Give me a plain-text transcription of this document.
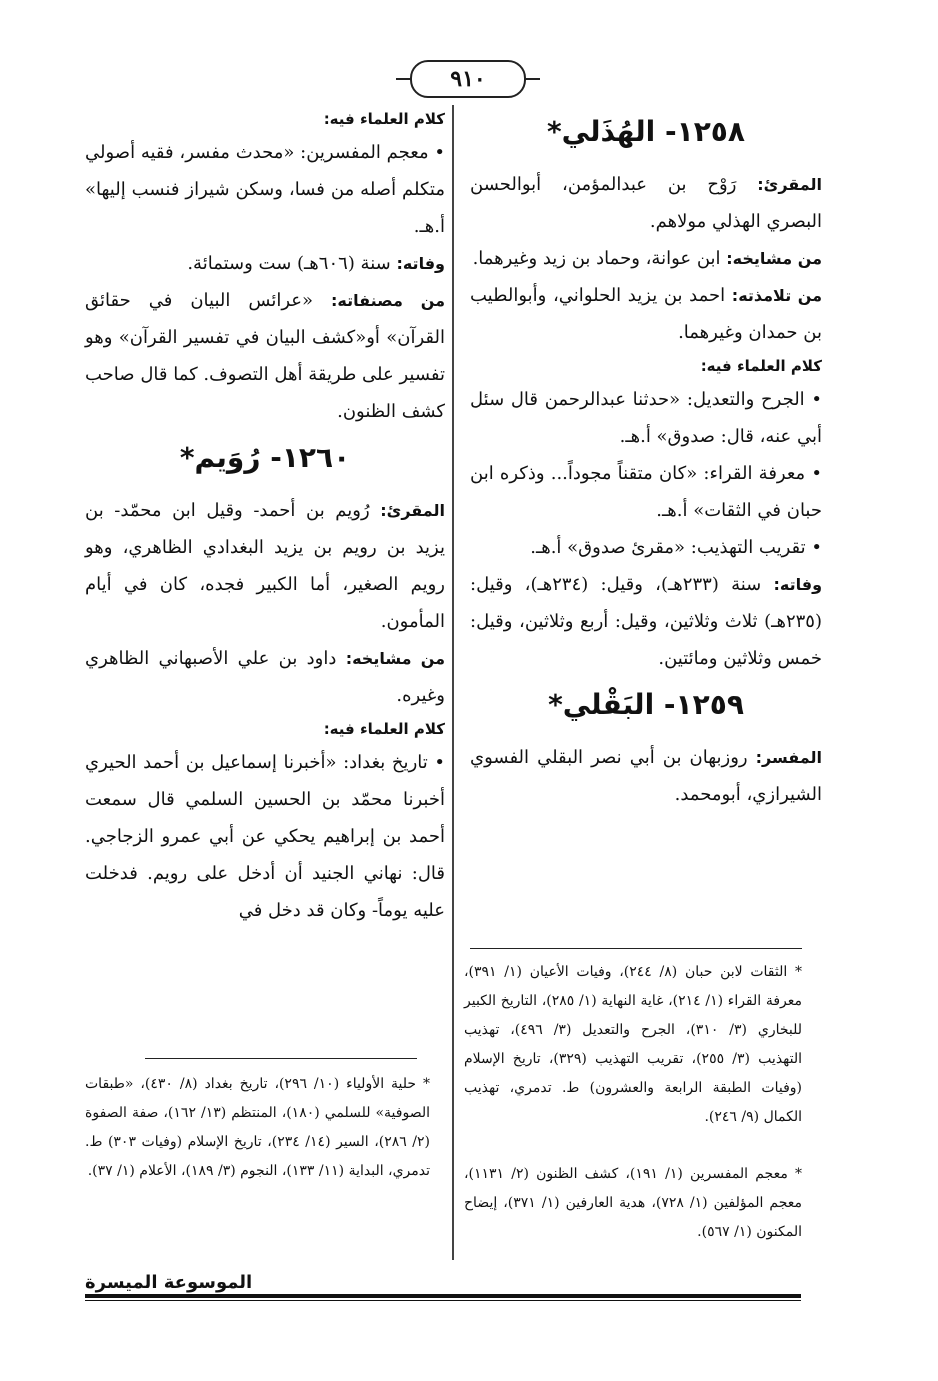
٩١٠
١٢٥٨- الهُذَلي*

المقرئ: رَوْح بن عبدالمؤمن، أبوالحسن البصري الهذلي مولاهم.

من مشايخه: ابن عوانة، وحماد بن زيد وغيرهما.

من تلامذته: احمد بن يزيد الحلواني، وأبوالطيب بن حمدان وغيرهما.

كلام العلماء فيه:

• الجرح والتعديل: «حدثنا عبدالرحمن قال سئل أبي عنه، قال: صدوق» أ.هـ.

• معرفة القراء: «كان متقناً مجوداً... وذكره ابن حبان في الثقات» أ.هـ.

• تقريب التهذيب: «مقرئ صدوق» أ.هـ.

وفاته: سنة (٢٣٣هـ)، وقيل: (٢٣٤هـ)، وقيل: (٢٣٥هـ) ثلاث وثلاثين، وقيل: أربع وثلاثين، وقيل: خمس وثلاثين ومائتين.

١٢٥٩- البَقْلي*

المفسر: روزبهان بن أبي نصر البقلي الفسوي الشيرازي، أبومحمد.

* الثقات لابن حبان (٨/ ٢٤٤)، وفيات الأعيان (١/ ٣٩١)، معرفة القراء (١/ ٢١٤)، غاية النهاية (١/ ٢٨٥)، التاريخ الكبير للبخاري (٣/ ٣١٠)، الجرح والتعديل (٣/ ٤٩٦)، تهذيب التهذيب (٣/ ٢٥٥)، تقريب التهذيب (٣٢٩)، تاريخ الإسلام (وفيات الطبقة الرابعة والعشرون) ط. تدمري، تهذيب الكمال (٩/ ٢٤٦).
* معجم المفسرين (١/ ١٩١)، كشف الظنون (٢/ ١١٣١)، معجم المؤلفين (١/ ٧٢٨)، هدية العارفين (١/ ٣٧١)، إيضاح المكنون (١/ ٥٦٧).
كلام العلماء فيه:

• معجم المفسرين: «محدث مفسر، فقيه أصولي متكلم أصله من فسا، وسكن شيراز فنسب إليها» أ.هـ.

وفاته: سنة (٦٠٦هـ) ست وستمائة.

من مصنفاته: «عرائس البيان في حقائق القرآن» أو«كشف البيان في تفسير القرآن» وهو تفسير على طريقة أهل التصوف. كما قال صاحب كشف الظنون.

١٢٦٠- رُوَيم*

المقرئ: رُويم بن أحمد- وقيل ابن محمّد- بن يزيد بن رويم بن يزيد البغدادي الظاهري، وهو رويم الصغير، أما الكبير فجده، كان في أيام المأمون.

من مشايخه: داود بن علي الأصبهاني الظاهري وغيره.

كلام العلماء فيه:

• تاريخ بغداد: «أخبرنا إسماعيل بن أحمد الحيري أخبرنا محمّد بن الحسين السلمي قال سمعت أحمد بن إبراهيم يحكي عن أبي عمرو الزجاجي. قال: نهاني الجنيد أن أدخل على رويم. فدخلت عليه يوماً- وكان قد دخل في

* حلية الأولياء (١٠/ ٢٩٦)، تاريخ بغداد (٨/ ٤٣٠)، «طبقات الصوفية» للسلمي (١٨٠)، المنتظم (١٣/ ١٦٢)، صفة الصفوة (٢/ ٢٨٦)، السير (١٤/ ٢٣٤)، تاريخ الإسلام (وفيات ٣٠٣) ط. تدمري، البداية (١١/ ١٣٣)، النجوم (٣/ ١٨٩)، الأعلام (١/ ٣٧).
الموسوعة الميسرة
